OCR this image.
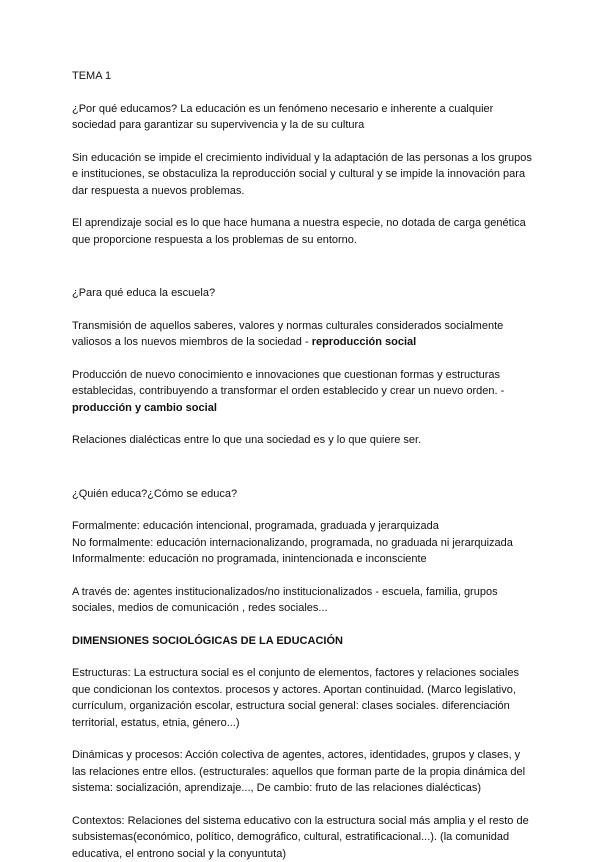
TEMA 1

¿Por qué educamos? La educación es un fenómeno necesario e inherente a cualquier sociedad para garantizar su supervivencia y la de su cultura

Sin educación se impide el crecimiento individual y la adaptación de las personas a los grupos e instituciones, se obstaculiza la reproducción social y cultural y se impide la innovación para dar respuesta a nuevos problemas.

El aprendizaje social es lo que hace humana a nuestra especie, no dotada de carga genética que proporcione respuesta a los problemas de su entorno.

¿Para qué educa la escuela?

Transmisión de aquellos saberes, valores y normas culturales considerados socialmente valiosos a los nuevos miembros de la sociedad - reproducción social

Producción de nuevo conocimiento e innovaciones que cuestionan formas y estructuras establecidas, contribuyendo a transformar el orden establecido y crear un nuevo orden. - producción y cambio social

Relaciones dialécticas entre lo que una sociedad es y lo que quiere ser.

¿Quién educa?¿Cómo se educa?

Formalmente: educación intencional, programada, graduada y jerarquizada

No formalmente: educación internacionalizando, programada, no graduada ni jerarquizada

Informalmente: educación no programada, inintencionada e inconsciente

A través de: agentes institucionalizados/no institucionalizados - escuela, familia, grupos sociales, medios de comunicación , redes sociales...

DIMENSIONES SOCIOLÓGICAS DE LA EDUCACIÓN

Estructuras: La estructura social es el conjunto de elementos, factores y relaciones sociales que condicionan los contextos. procesos y actores. Aportan continuidad. (Marco legislativo, currículum, organización escolar, estructura social general: clases sociales. diferenciación territorial, estatus, etnia, género...)

Dinámicas y procesos: Acción colectiva de agentes, actores, identidades, grupos y clases, y las relaciones entre ellos. (estructurales: aquellos que forman parte de la propia dinámica del sistema: socialización, aprendizaje..., De cambio: fruto de las relaciones dialécticas)

Contextos: Relaciones del sistema educativo con la estructura social más amplia y el resto de subsistemas(económico, político, demográfico, cultural, estratificacional...). (la comunidad educativa, el entrono social y la conyuntuta)
